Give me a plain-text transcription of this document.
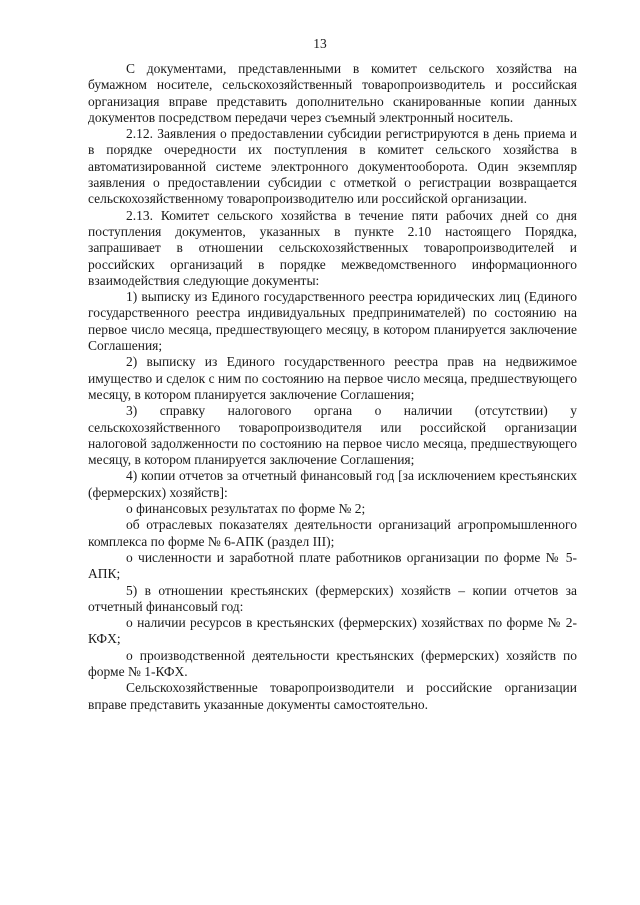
13

С документами, представленными в комитет сельского хозяйства на бумажном носителе, сельскохозяйственный товаропроизводитель и российская организация вправе представить дополнительно сканированные копии данных документов посредством передачи через съемный электронный носитель.

2.12. Заявления о предоставлении субсидии регистрируются в день приема и в порядке очередности их поступления в комитет сельского хозяйства в автоматизированной системе электронного документооборота. Один экземпляр заявления о предоставлении субсидии с отметкой о регистрации возвращается сельскохозяйственному товаропроизводителю или российской организации.

2.13. Комитет сельского хозяйства в течение пяти рабочих дней со дня поступления документов, указанных в пункте 2.10 настоящего Порядка, запрашивает в отношении сельскохозяйственных товаропроизводителей и российских организаций в порядке межведомственного информационного взаимодействия следующие документы:

1) выписку из Единого государственного реестра юридических лиц (Единого государственного реестра индивидуальных предпринимателей) по состоянию на первое число месяца, предшествующего месяцу, в котором планируется заключение Соглашения;

2) выписку из Единого государственного реестра прав на недвижимое имущество и сделок с ним по состоянию на первое число месяца, предшествующего месяцу, в котором планируется заключение Соглашения;

3) справку налогового органа о наличии (отсутствии) у сельскохозяйственного товаропроизводителя или российской организации налоговой задолженности по состоянию на первое число месяца, предшествующего месяцу, в котором планируется заключение Соглашения;

4) копии отчетов за отчетный финансовый год [за исключением крестьянских (фермерских) хозяйств]:

о финансовых результатах по форме № 2;

об отраслевых показателях деятельности организаций агропромышленного комплекса по форме № 6-АПК (раздел III);

о численности и заработной плате работников организации по форме № 5-АПК;

5) в отношении крестьянских (фермерских) хозяйств – копии отчетов за отчетный финансовый год:

о наличии ресурсов в крестьянских (фермерских) хозяйствах по форме № 2-КФХ;

о производственной деятельности крестьянских (фермерских) хозяйств по форме № 1-КФХ.

Сельскохозяйственные товаропроизводители и российские организации вправе представить указанные документы самостоятельно.
